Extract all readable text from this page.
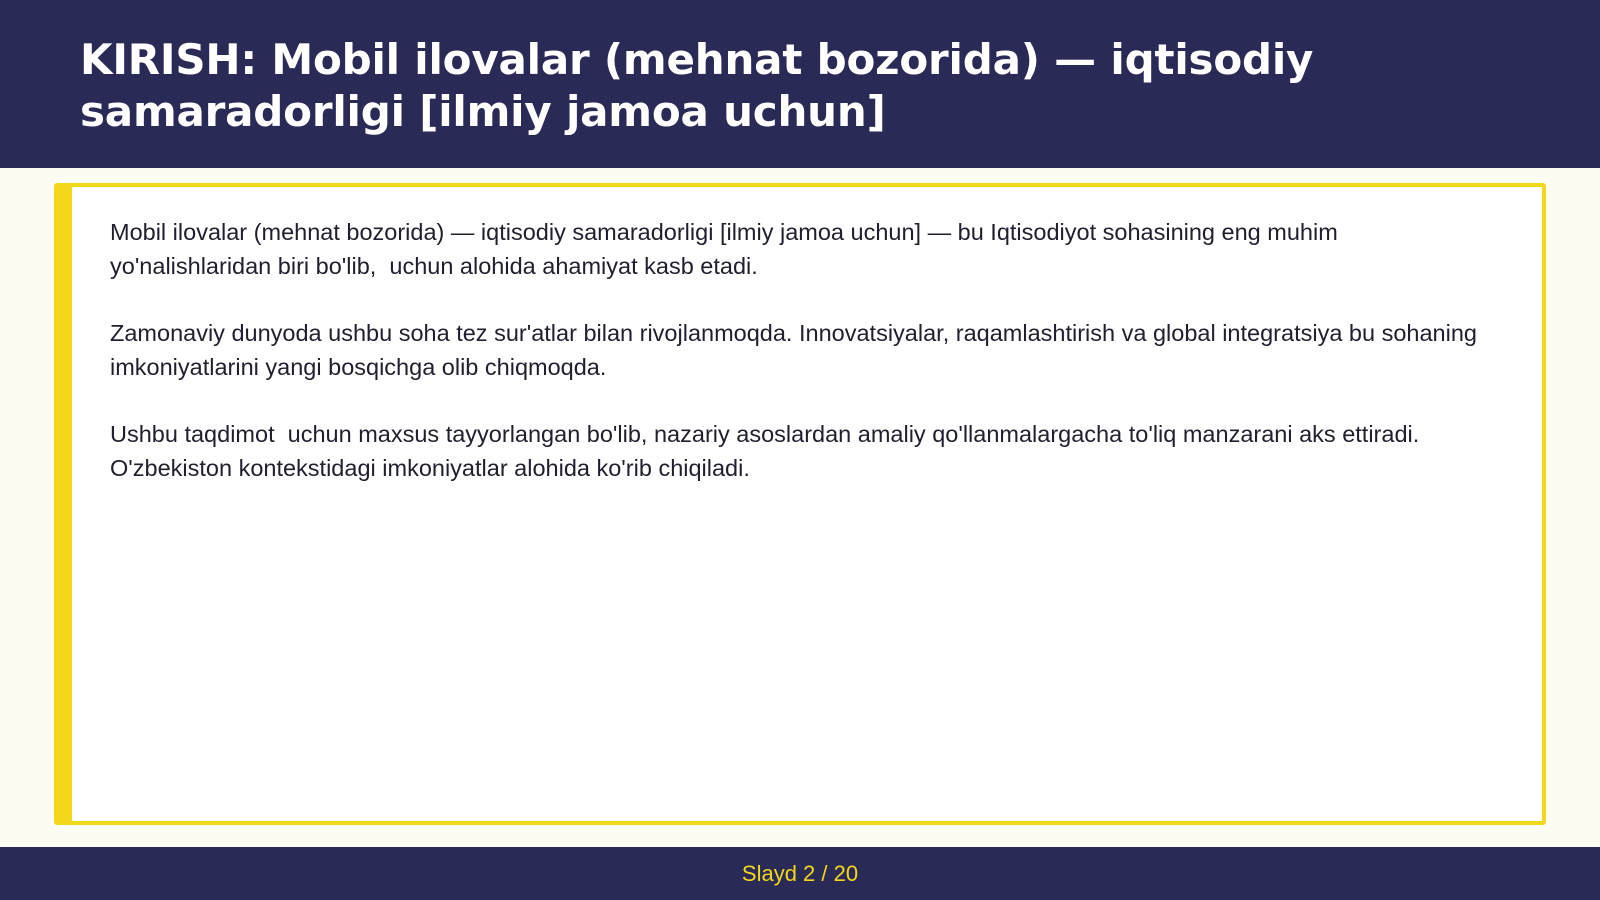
KIRISH: Mobil ilovalar (mehnat bozorida) — iqtisodiy samaradorligi [ilmiy jamoa uchun]

Mobil ilovalar (mehnat bozorida) — iqtisodiy samaradorligi [ilmiy jamoa uchun] — bu Iqtisodiyot sohasining eng muhim yo'nalishlaridan biri bo'lib,  uchun alohida ahamiyat kasb etadi.

Zamonaviy dunyoda ushbu soha tez sur'atlar bilan rivojlanmoqda. Innovatsiyalar, raqamlashtirish va global integratsiya bu sohaning imkoniyatlarini yangi bosqichga olib chiqmoqda.

Ushbu taqdimot  uchun maxsus tayyorlangan bo'lib, nazariy asoslardan amaliy qo'llanmalargacha to'liq manzarani aks ettiradi. O'zbekiston kontekstidagi imkoniyatlar alohida ko'rib chiqiladi.

Slayd 2 / 20
